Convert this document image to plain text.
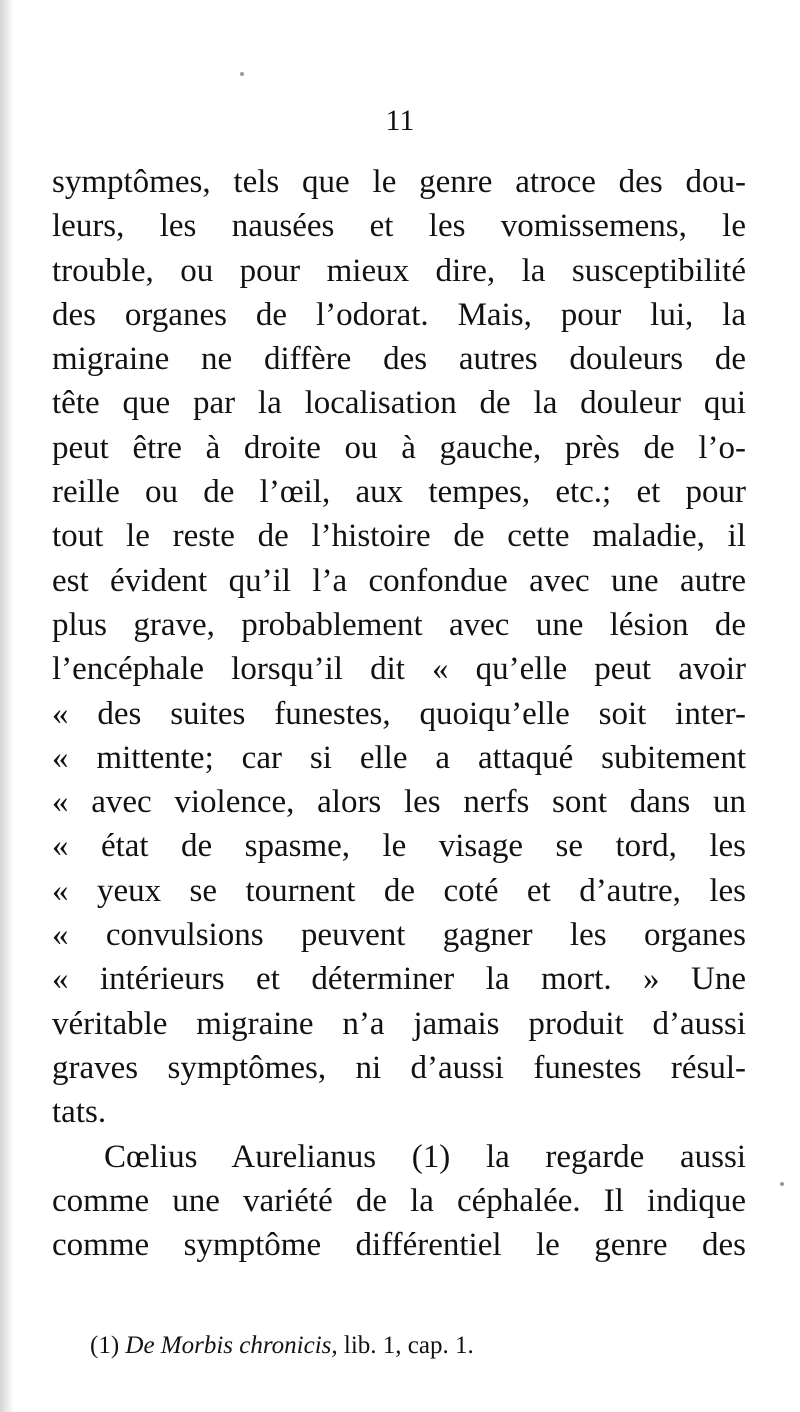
11
symptômes, tels que le genre atroce des dou-
leurs, les nausées et les vomissemens, le
trouble, ou pour mieux dire, la susceptibilité
des organes de l’odorat. Mais, pour lui, la
migraine ne diffère des autres douleurs de
tête que par la localisation de la douleur qui
peut être à droite ou à gauche, près de l’o-
reille ou de l’œil, aux tempes, etc.; et pour
tout le reste de l’histoire de cette maladie, il
est évident qu’il l’a confondue avec une autre
plus grave, probablement avec une lésion de
l’encéphale lorsqu’il dit « qu’elle peut avoir
« des suites funestes, quoiqu’elle soit inter-
« mittente; car si elle a attaqué subitement
« avec violence, alors les nerfs sont dans un
« état de spasme, le visage se tord, les
« yeux se tournent de coté et d’autre, les
« convulsions peuvent gagner les organes
« intérieurs et déterminer la mort. » Une
véritable migraine n’a jamais produit d’aussi
graves symptômes, ni d’aussi funestes résul-
tats.
Cœlius Aurelianus (1) la regarde aussi
comme une variété de la céphalée. Il indique
comme symptôme différentiel le genre des
(1) De Morbis chronicis, lib. 1, cap. 1.
